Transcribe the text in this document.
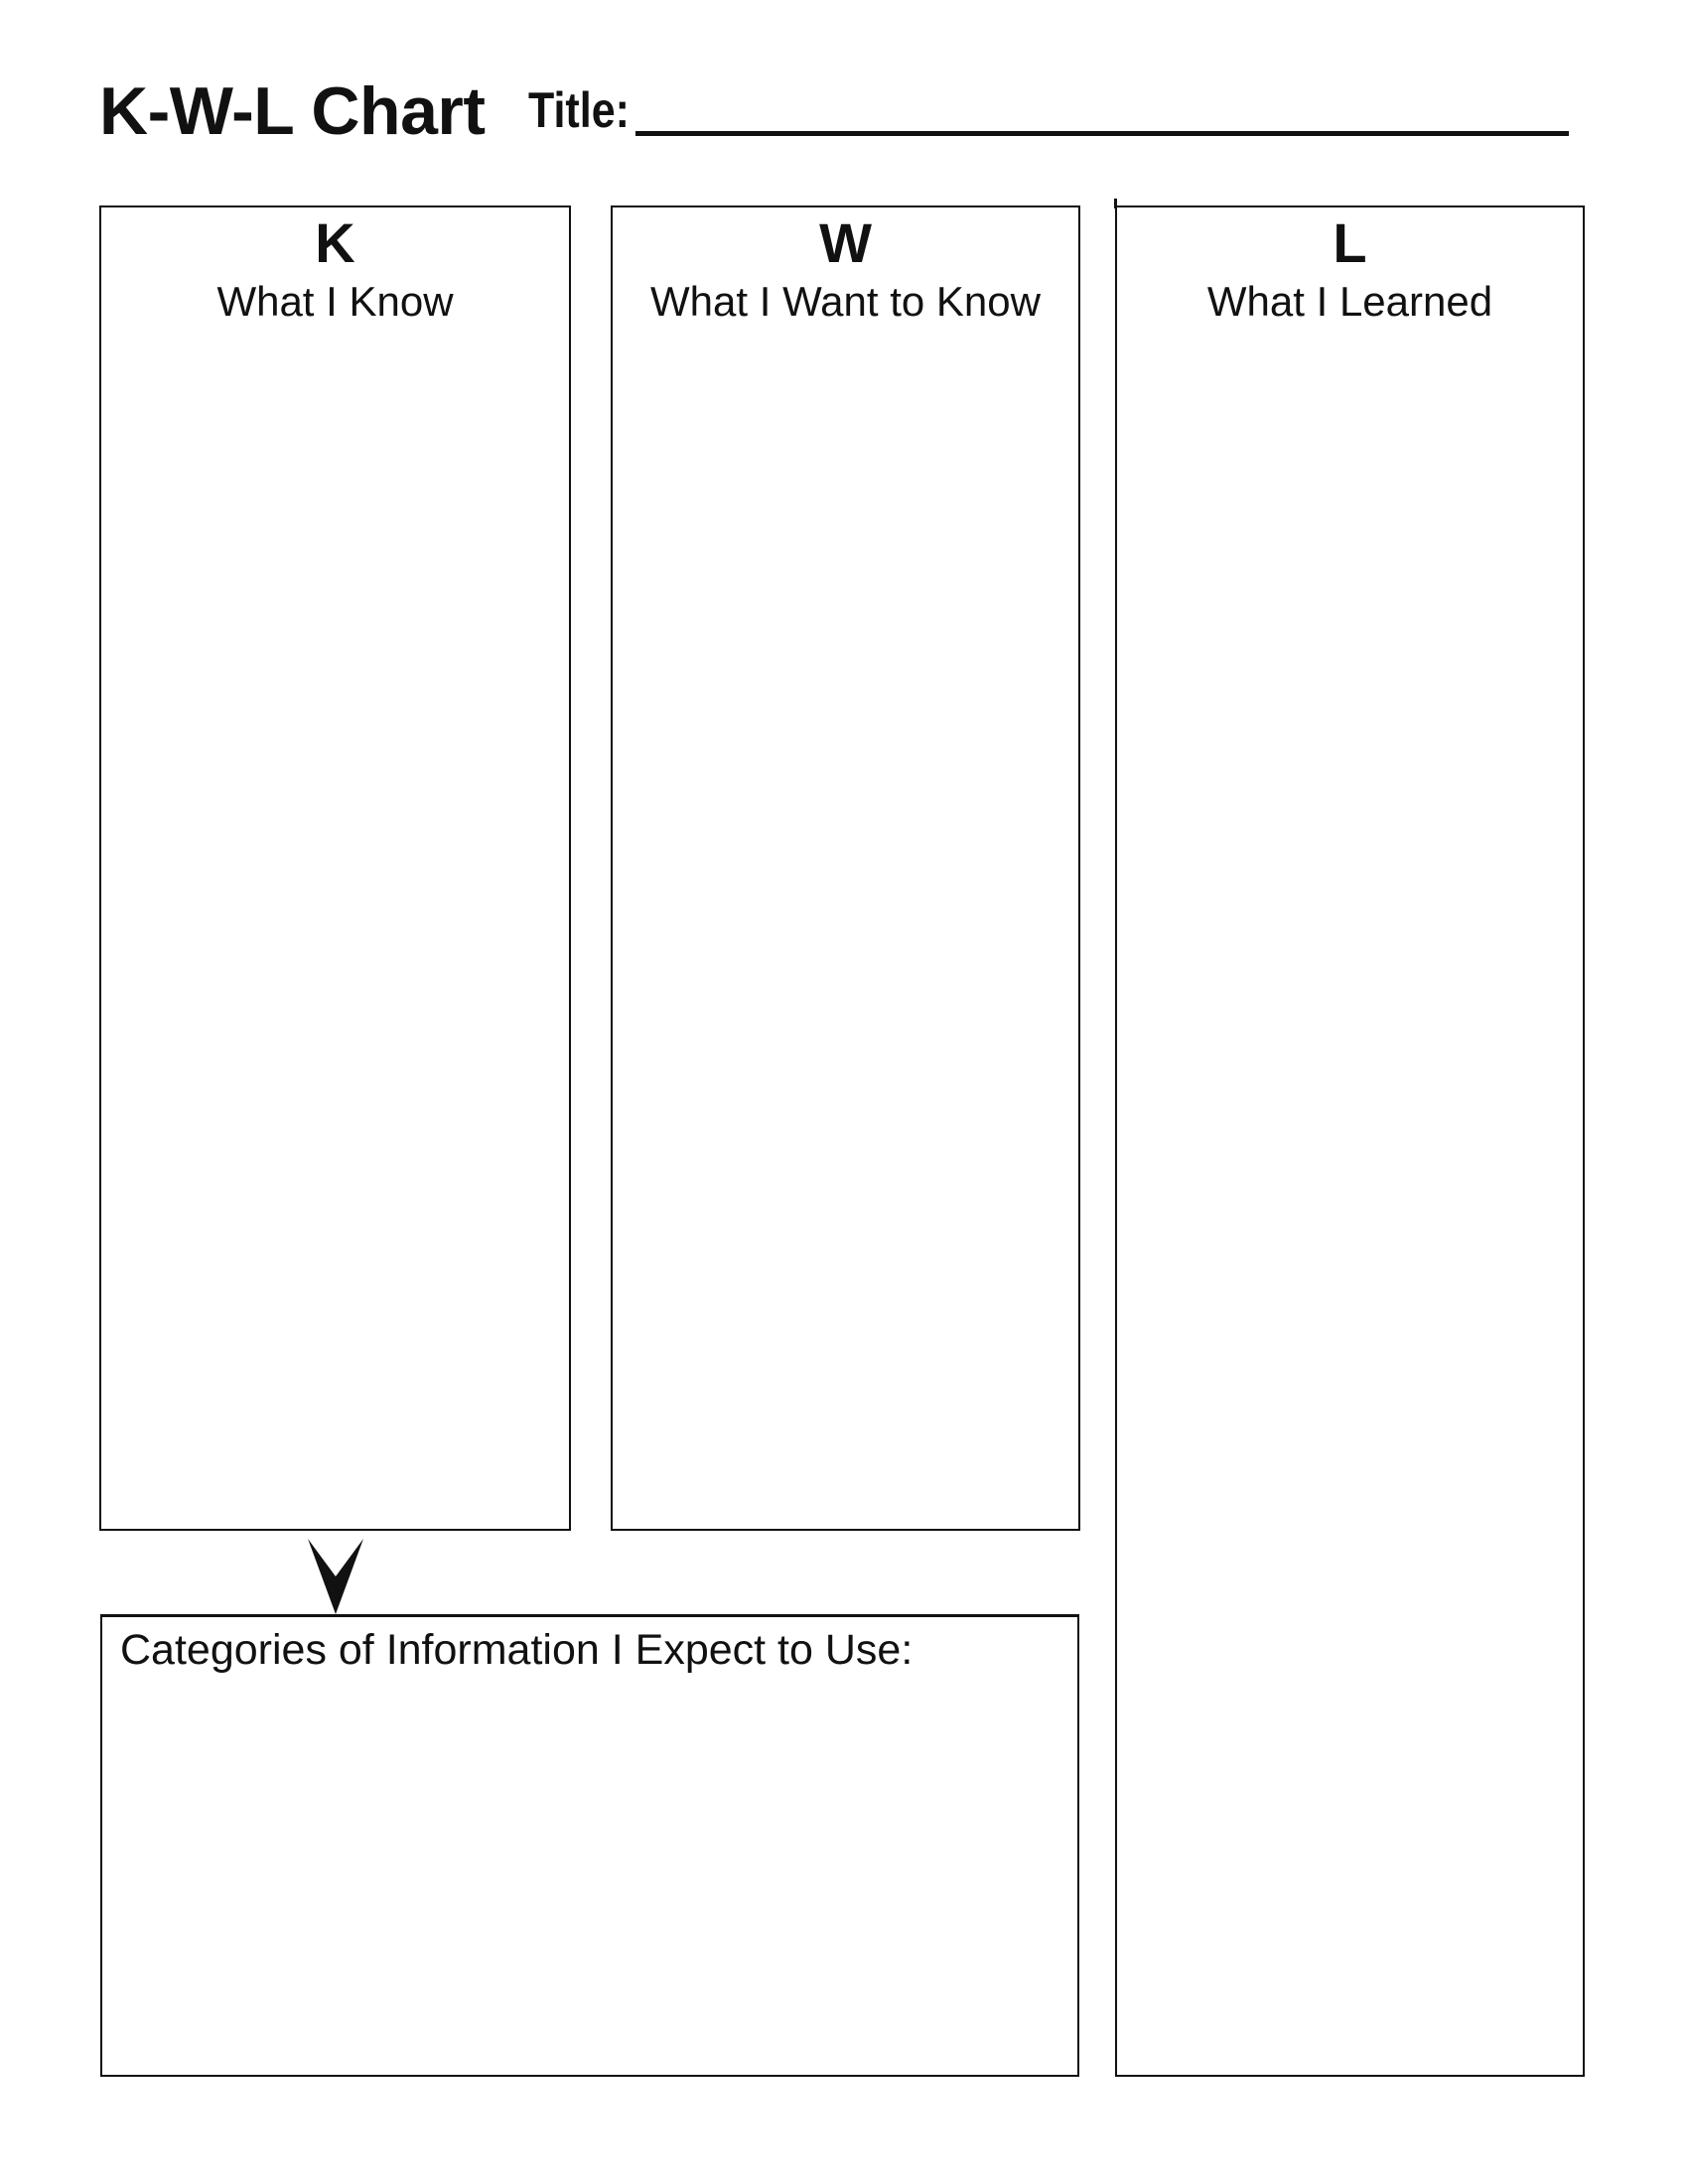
K-W-L Chart Title:
K
What I Know
W
What I Want to Know
L
What I Learned
Categories of Information I Expect to Use:
